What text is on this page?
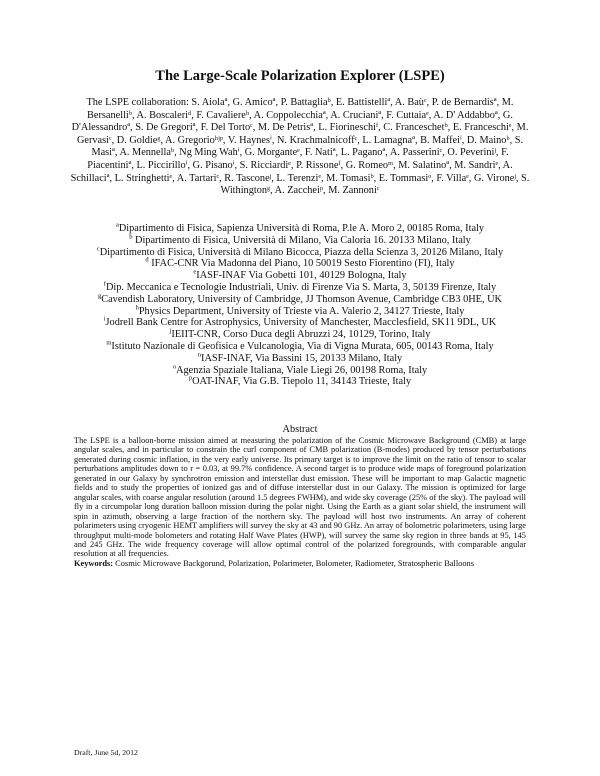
The Large-Scale Polarization Explorer (LSPE)
The LSPE collaboration: S. Aiolaª, G. Amicoª, P. Battagliaᵇ, E. Battistelliª, A. Baùᶜ, P. de Bernardisª, M. Bersanelliᵇ, A. Boscaleriᵈ, F. Cavaliereᵇ, A. Coppolecchiaª, A. Crucianiª, F. Cuttaiaᵉ, A. D' Addabboª, G. D'Alessandroª, S. De Gregoriª, F. Del Tortoᶜ, M. De Petrisª, L. Fiorineschiᶠ, C. Franceschetᵇ, E. Franceschiᵉ, M. Gervasiᶜ, D. Goldieᵍ, A. Gregorioʰʲᵖ, V. Haynesⁱ, N. Krachmalnicoffᶜ, L. Lamagnaª, B. Maffeiⁱ, D. Mainoᵇ, S. Masiª, A. Mennellaᵇ, Ng Ming Wahⁱ, G. Morganteᵉ, F. Natiª, L. Paganoª, A. Passeriniᶜ, O. Peveriniʲ, F. Piacentiniª, L. Piccirilloⁱ, G. Pisanoⁱ, S. Ricciardiᵉ, P. Rissoneᶠ, G. Romeoᵐ, M. Salatinoª, M. Sandriᵉ, A. Schillaciª, L. Stringhettiᵉ, A. Tartariᶜ, R. Tasconeʲ, L. Terenziᵉ, M. Tomasiᵇ, E. Tommasiᵒ, F. Villaᵉ, G. Vironeʲ, S. Withingtonᵍ, A. Zaccheiᵖ, M. Zannoniᶜ
$^a$Dipartimento di Fisica, Sapienza Università di Roma, P.le A. Moro 2, 00185 Roma, Italy
$^b$ Dipartimento di Fisica, Università di Milano, Via Caloria 16. 20133 Milano, Italy
$^c$Dipartimento di Fisica, Università di Milano Bicocca, Piazza della Scienza 3, 20126 Milano, Italy
$^d$ IFAC-CNR Via Madonna del Piano, 10 50019 Sesto Fiorentino (FI), Italy
$^e$IASF-INAF Via Gobetti 101, 40129 Bologna, Italy
$^f$Dip. Meccanica e Tecnologie Industriali, Univ. di Firenze Via S. Marta, 3, 50139 Firenze, Italy
$^g$Cavendish Laboratory, University of Cambridge, JJ Thomson Avenue, Cambridge CB3 0HE, UK
$^h$Physics Department, University of Trieste via A. Valerio 2, 34127 Trieste, Italy
$^i$Jodrell Bank Centre for Astrophysics, University of Manchester, Macclesfield, SK11 9DL, UK
$^j$IEIIT-CNR, Corso Duca degli Abruzzi 24, 10129, Torino, Italy
$^m$Istituto Nazionale di Geofisica e Vulcanologia, Via di Vigna Murata, 605, 00143 Roma, Italy
$^n$IASF-INAF, Via Bassini 15, 20133 Milano, Italy
$^o$Agenzia Spaziale Italiana, Viale Liegi 26, 00198 Roma, Italy
$^p$OAT-INAF, Via G.B. Tiepolo 11, 34143 Trieste, Italy
Abstract
The LSPE is a balloon-borne mission aimed at measuring the polarization of the Cosmic Microwave Background (CMB) at large angular scales, and in particular to constrain the curl component of CMB polarization (B-modes) produced by tensor perturbations generated during cosmic inflation, in the very early universe. Its primary target is to improve the limit on the ratio of tensor to scalar perturbations amplitudes down to r = 0.03, at 99.7% confidence. A second target is to produce wide maps of foreground polarization generated in our Galaxy by synchrotron emission and interstellar dust emission. These will be important to map Galactic magnetic fields and to study the properties of ionized gas and of diffuse interstellar dust in our Galaxy. The mission is optimized for large angular scales, with coarse angular resolution (around 1.5 degrees FWHM), and wide sky coverage (25% of the sky). The payload will fly in a circumpolar long duration balloon mission during the polar night. Using the Earth as a giant solar shield, the instrument will spin in azimuth, observing a large fraction of the northern sky. The payload will host two instruments. An array of coherent polarimeters using cryogenic HEMT amplifiers will survey the sky at 43 and 90 GHz. An array of bolometric polarimeters, using large throughput multi-mode bolometers and rotating Half Wave Plates (HWP), will survey the same sky region in three bands at 95, 145 and 245 GHz. The wide frequency coverage will allow optimal control of the polarized foregrounds, with comparable angular resolution at all frequencies.
Keywords: Cosmic Microwave Backgorund, Polarization, Polarimeter, Bolometer, Radiometer, Stratospheric Balloons
Draft, June 5d, 2012
